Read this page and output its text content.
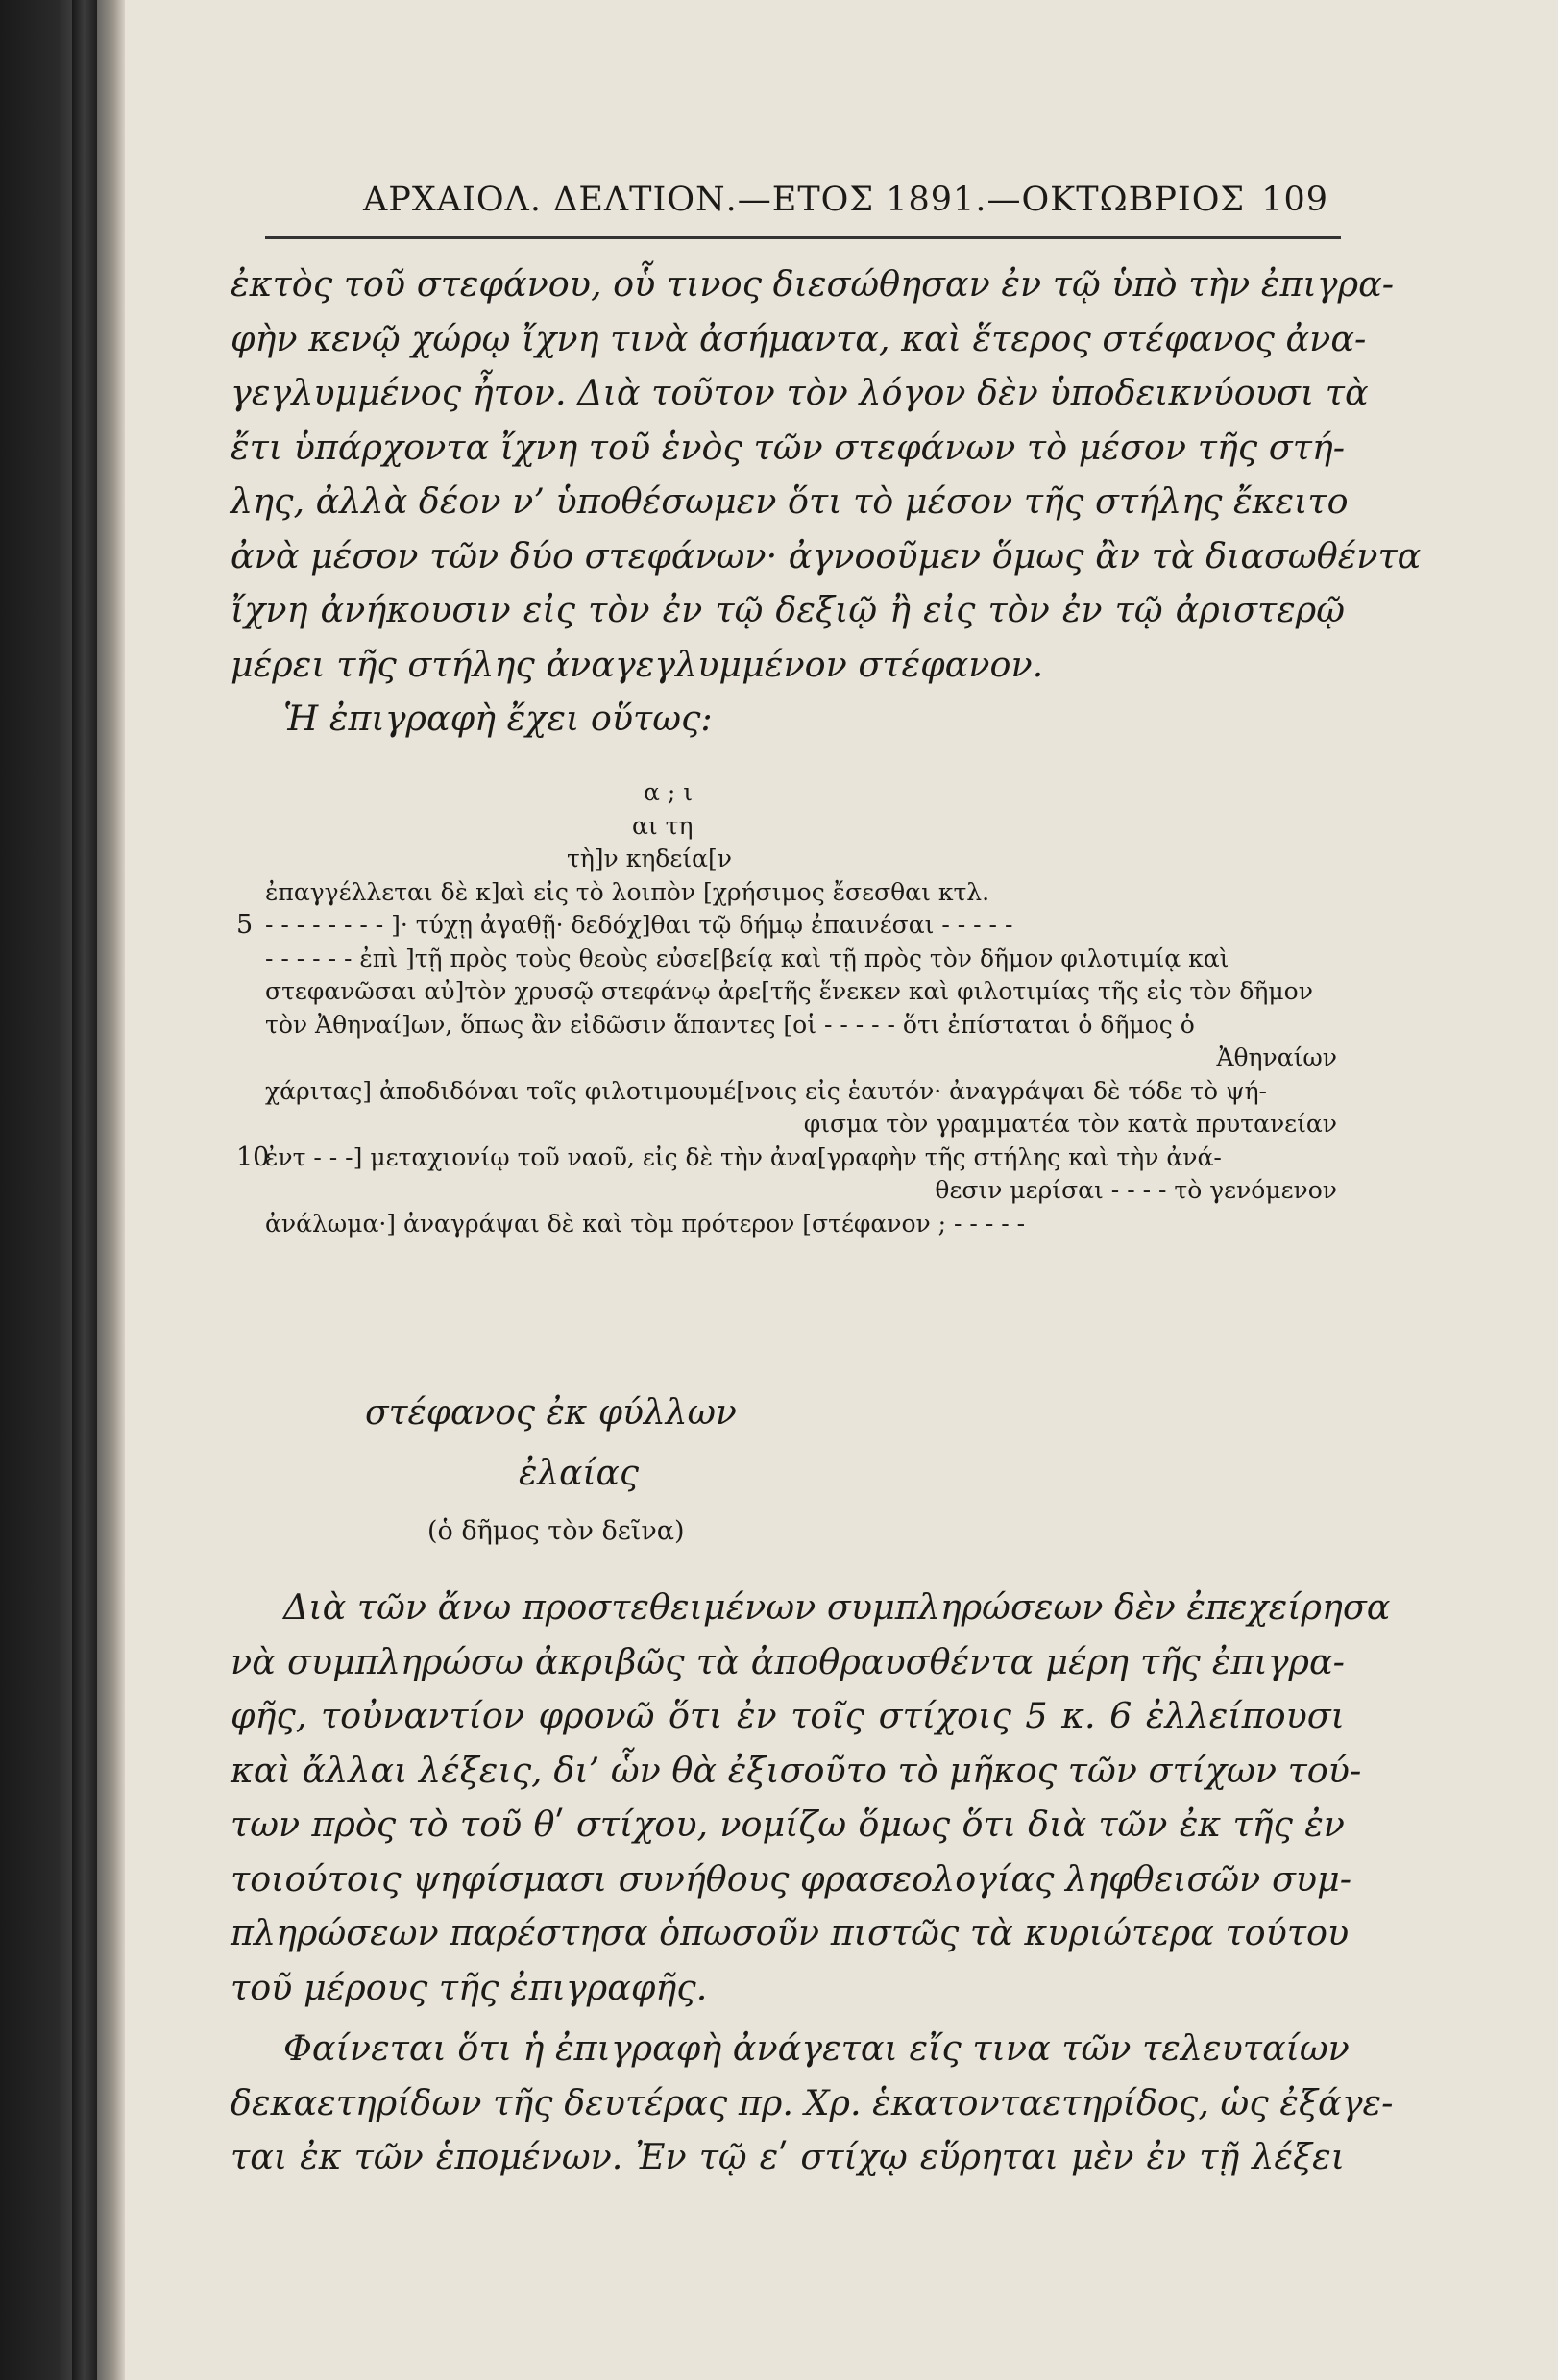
ΑΡΧΑΙΟΛ. ΔΕΛΤΙΟΝ.—ΕΤΟΣ 1891.—ΟΚΤΩΒΡΙΟΣ 109
ἐκτὸς τοῦ στεφάνου, οὗ τινος διεσώθησαν ἐν τῷ ὑπὸ τὴν ἐπιγρα-
φὴν κενῷ χώρῳ ἴχνη τινὰ ἀσήμαντα, καὶ ἕτερος στέφανος ἀνα-
γεγλυμμένος ἦτον. Διὰ τοῦτον τὸν λόγον δὲν ὑποδεικνύουσι τὰ
ἔτι ὑπάρχοντα ἴχνη τοῦ ἑνὸς τῶν στεφάνων τὸ μέσον τῆς στή-
λης, ἀλλὰ δέον ν’ ὑποθέσωμεν ὅτι τὸ μέσον τῆς στήλης ἔκειτο
ἀνὰ μέσον τῶν δύο στεφάνων· ἀγνοοῦμεν ὅμως ἂν τὰ διασωθέντα
ἴχνη ἀνήκουσιν εἰς τὸν ἐν τῷ δεξιῷ ἢ εἰς τὸν ἐν τῷ ἀριστερῷ
μέρει τῆς στήλης ἀναγεγλυμμένον στέφανον.
Ἡ ἐπιγραφὴ ἔχει οὕτως:
α ; ι
αι τη
τὴ]ν κηδεία[ν
ἐπαγγέλλεται δὲ κ]αὶ εἰς τὸ λοιπὸν [χρήσιμος ἔσεσθαι κτλ.
5 - - - - - - - - ]· τύχῃ ἀγαθῇ· δεδόχ]θαι τῷ δήμῳ ἐπαινέσαι - - - - -
- - - - - - ἐπὶ ]τῇ πρὸς τοὺς θεοὺς εὐσε[βείᾳ καὶ τῇ πρὸς τὸν δῆμον φιλοτιμίᾳ καὶ
στεφανῶσαι αὐ]τὸν χρυσῷ στεφάνῳ ἀρε[τῆς ἕνεκεν καὶ φιλοτιμίας τῆς εἰς τὸν δῆμον
τὸν Ἀθηναί]ων, ὅπως ἂν εἰδῶσιν ἅπαντες [οἱ - - - - - ὅτι ἐπίσταται ὁ δῆμος ὁ
Ἀθηναίων
χάριτας] ἀποδιδόναι τοῖς φιλοτιμουμέ[νοις εἰς ἑαυτόν· ἀναγράψαι δὲ τόδε τὸ ψή-
φισμα τὸν γραμματέα τὸν κατὰ πρυτανείαν
10
ἐντ - - -] μεταχιονίῳ τοῦ ναοῦ, εἰς δὲ τὴν ἀνα[γραφὴν τῆς στήλης καὶ τὴν ἀνά-
θεσιν μερίσαι - - - - τὸ γενόμενον
ἀνάλωμα·] ἀναγράψαι δὲ καὶ τὸμ πρότερον [στέφανον ; - - - - -
στέφανος ἐκ φύλλων
ἐλαίας
(ὁ δῆμος τὸν δεῖνα)
Διὰ τῶν ἄνω προστεθειμένων συμπληρώσεων δὲν ἐπεχείρησα
νὰ συμπληρώσω ἀκριβῶς τὰ ἀποθραυσθέντα μέρη τῆς ἐπιγρα-
φῆς, τοὐναντίον φρονῶ ὅτι ἐν τοῖς στίχοις 5 κ. 6 ἐλλείπουσι
καὶ ἄλλαι λέξεις, δι’ ὧν θὰ ἐξισοῦτο τὸ μῆκος τῶν στίχων τού-
των πρὸς τὸ τοῦ θʹ στίχου, νομίζω ὅμως ὅτι διὰ τῶν ἐκ τῆς ἐν
τοιούτοις ψηφίσμασι συνήθους φρασεολογίας ληφθεισῶν συμ-
πληρώσεων παρέστησα ὁπωσοῦν πιστῶς τὰ κυριώτερα τούτου
τοῦ μέρους τῆς ἐπιγραφῆς.
Φαίνεται ὅτι ἡ ἐπιγραφὴ ἀνάγεται εἴς τινα τῶν τελευταίων
δεκαετηρίδων τῆς δευτέρας πρ. Χρ. ἑκατονταετηρίδος, ὡς ἐξάγε-
ται ἐκ τῶν ἑπομένων. Ἐν τῷ εʹ στίχῳ εὕρηται μὲν ἐν τῇ λέξει
